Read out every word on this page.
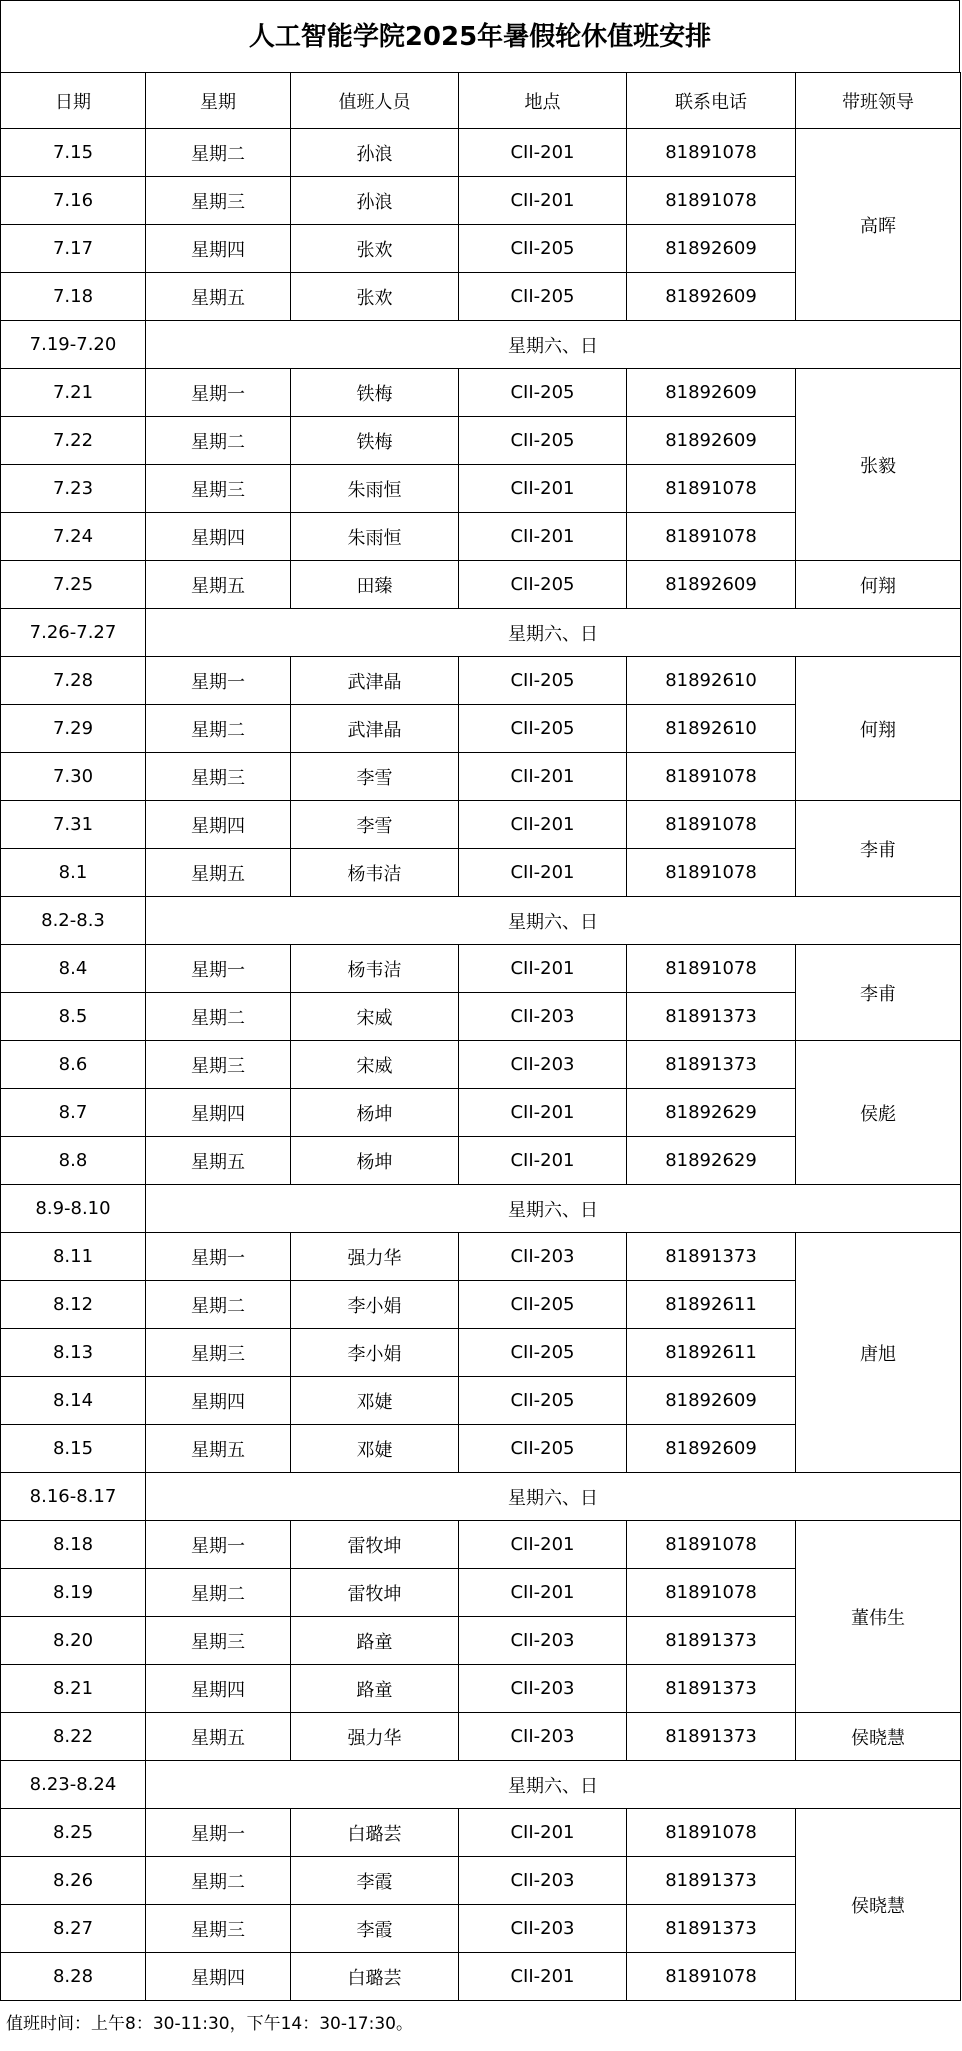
人工智能学院2025年暑假轮休值班安排
日期	星期	值班人员	地点	联系电话	带班领导
7.15	星期二	孙浪	CII-201	81891078	高晖
7.16	星期三	孙浪	CII-201	81891078	
7.17	星期四	张欢	CII-205	81892609	
7.18	星期五	张欢	CII-205	81892609	
7.19-7.20	星期六、日				
7.21	星期一	铁梅	CII-205	81892609	张毅
7.22	星期二	铁梅	CII-205	81892609	
7.23	星期三	朱雨恒	CII-201	81891078	
7.24	星期四	朱雨恒	CII-201	81891078	
7.25	星期五	田臻	CII-205	81892609	何翔
7.26-7.27	星期六、日				
7.28	星期一	武津晶	CII-205	81892610	何翔
7.29	星期二	武津晶	CII-205	81892610	
7.30	星期三	李雪	CII-201	81891078	
7.31	星期四	李雪	CII-201	81891078	李甫
8.1	星期五	杨韦洁	CII-201	81891078	
8.2-8.3	星期六、日				
8.4	星期一	杨韦洁	CII-201	81891078	李甫
8.5	星期二	宋威	CII-203	81891373	
8.6	星期三	宋威	CII-203	81891373	侯彪
8.7	星期四	杨坤	CII-201	81892629	
8.8	星期五	杨坤	CII-201	81892629	
8.9-8.10	星期六、日				
8.11	星期一	强力华	CII-203	81891373	唐旭
8.12	星期二	李小娟	CII-205	81892611	
8.13	星期三	李小娟	CII-205	81892611	
8.14	星期四	邓婕	CII-205	81892609	
8.15	星期五	邓婕	CII-205	81892609	
8.16-8.17	星期六、日				
8.18	星期一	雷牧坤	CII-201	81891078	董伟生
8.19	星期二	雷牧坤	CII-201	81891078	
8.20	星期三	路童	CII-203	81891373	
8.21	星期四	路童	CII-203	81891373	
8.22	星期五	强力华	CII-203	81891373	侯晓慧
8.23-8.24	星期六、日				
8.25	星期一	白璐芸	CII-201	81891078	侯晓慧
8.26	星期二	李霞	CII-203	81891373	
8.27	星期三	李霞	CII-203	81891373	
8.28	星期四	白璐芸	CII-201	81891078	
值班时间：上午8：30-11:30，下午14：30-17:30。
